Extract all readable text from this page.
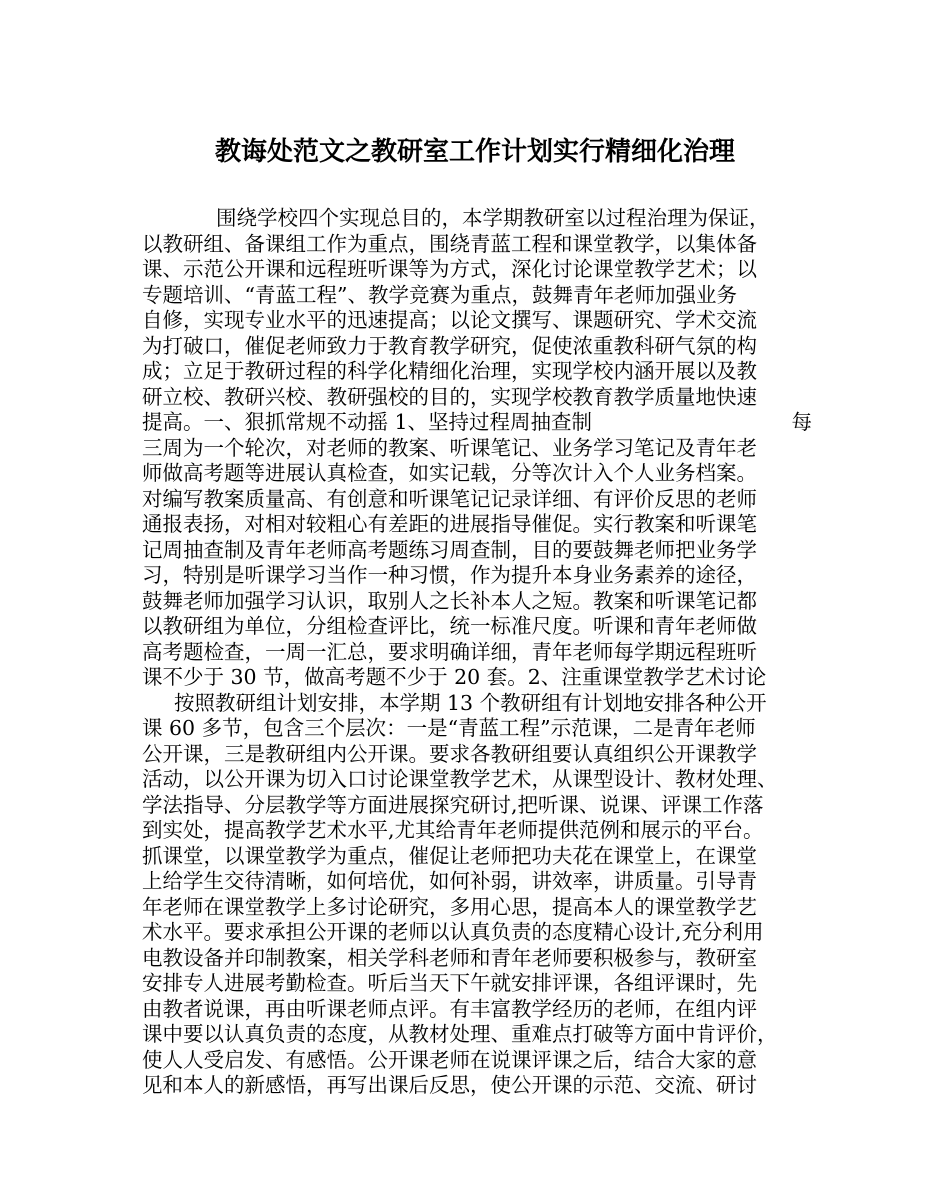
教诲处范文之教研室工作计划实行精细化治理
围绕学校四个实现总目的，本学期教研室以过程治理为保证，
以教研组、备课组工作为重点，围绕青蓝工程和课堂教学，以集体备
课、示范公开课和远程班听课等为方式，深化讨论课堂教学艺术；以
专题培训、“青蓝工程”、教学竞赛为重点，鼓舞青年老师加强业务
自修，实现专业水平的迅速提高；以论文撰写、课题研究、学术交流
为打破口，催促老师致力于教育教学研究，促使浓重教科研气氛的构
成；立足于教研过程的科学化精细化治理，实现学校内涵开展以及教
研立校、教研兴校、教研强校的目的，实现学校教育教学质量地快速
提高。一、狠抓常规不动摇 1、坚持过程周抽查制	每
三周为一个轮次，对老师的教案、听课笔记、业务学习笔记及青年老
师做高考题等进展认真检查，如实记载，分等次计入个人业务档案。
对编写教案质量高、有创意和听课笔记记录详细、有评价反思的老师
通报表扬，对相对较粗心有差距的进展指导催促。实行教案和听课笔
记周抽查制及青年老师高考题练习周查制，目的要鼓舞老师把业务学
习，特别是听课学习当作一种习惯，作为提升本身业务素养的途径，
鼓舞老师加强学习认识，取别人之长补本人之短。教案和听课笔记都
以教研组为单位，分组检查评比，统一标准尺度。听课和青年老师做
高考题检查，一周一汇总，要求明确详细，青年老师每学期远程班听
课不少于 30 节，做高考题不少于 20 套。2、注重课堂教学艺术讨论
按照教研组计划安排，本学期 13 个教研组有计划地安排各种公开
课 60 多节，包含三个层次：一是“青蓝工程”示范课，二是青年老师
公开课，三是教研组内公开课。要求各教研组要认真组织公开课教学
活动，以公开课为切入口讨论课堂教学艺术，从课型设计、教材处理、
学法指导、分层教学等方面进展探究研讨,把听课、说课、评课工作落
到实处，提高教学艺术水平,尤其给青年老师提供范例和展示的平台。
抓课堂，以课堂教学为重点，催促让老师把功夫花在课堂上，在课堂
上给学生交待清晰，如何培优，如何补弱，讲效率，讲质量。引导青
年老师在课堂教学上多讨论研究，多用心思，提高本人的课堂教学艺
术水平。要求承担公开课的老师以认真负责的态度精心设计,充分利用
电教设备并印制教案，相关学科老师和青年老师要积极参与，教研室
安排专人进展考勤检查。听后当天下午就安排评课，各组评课时，先
由教者说课，再由听课老师点评。有丰富教学经历的老师，在组内评
课中要以认真负责的态度，从教材处理、重难点打破等方面中肯评价，
使人人受启发、有感悟。公开课老师在说课评课之后，结合大家的意
见和本人的新感悟，再写出课后反思，使公开课的示范、交流、研讨
